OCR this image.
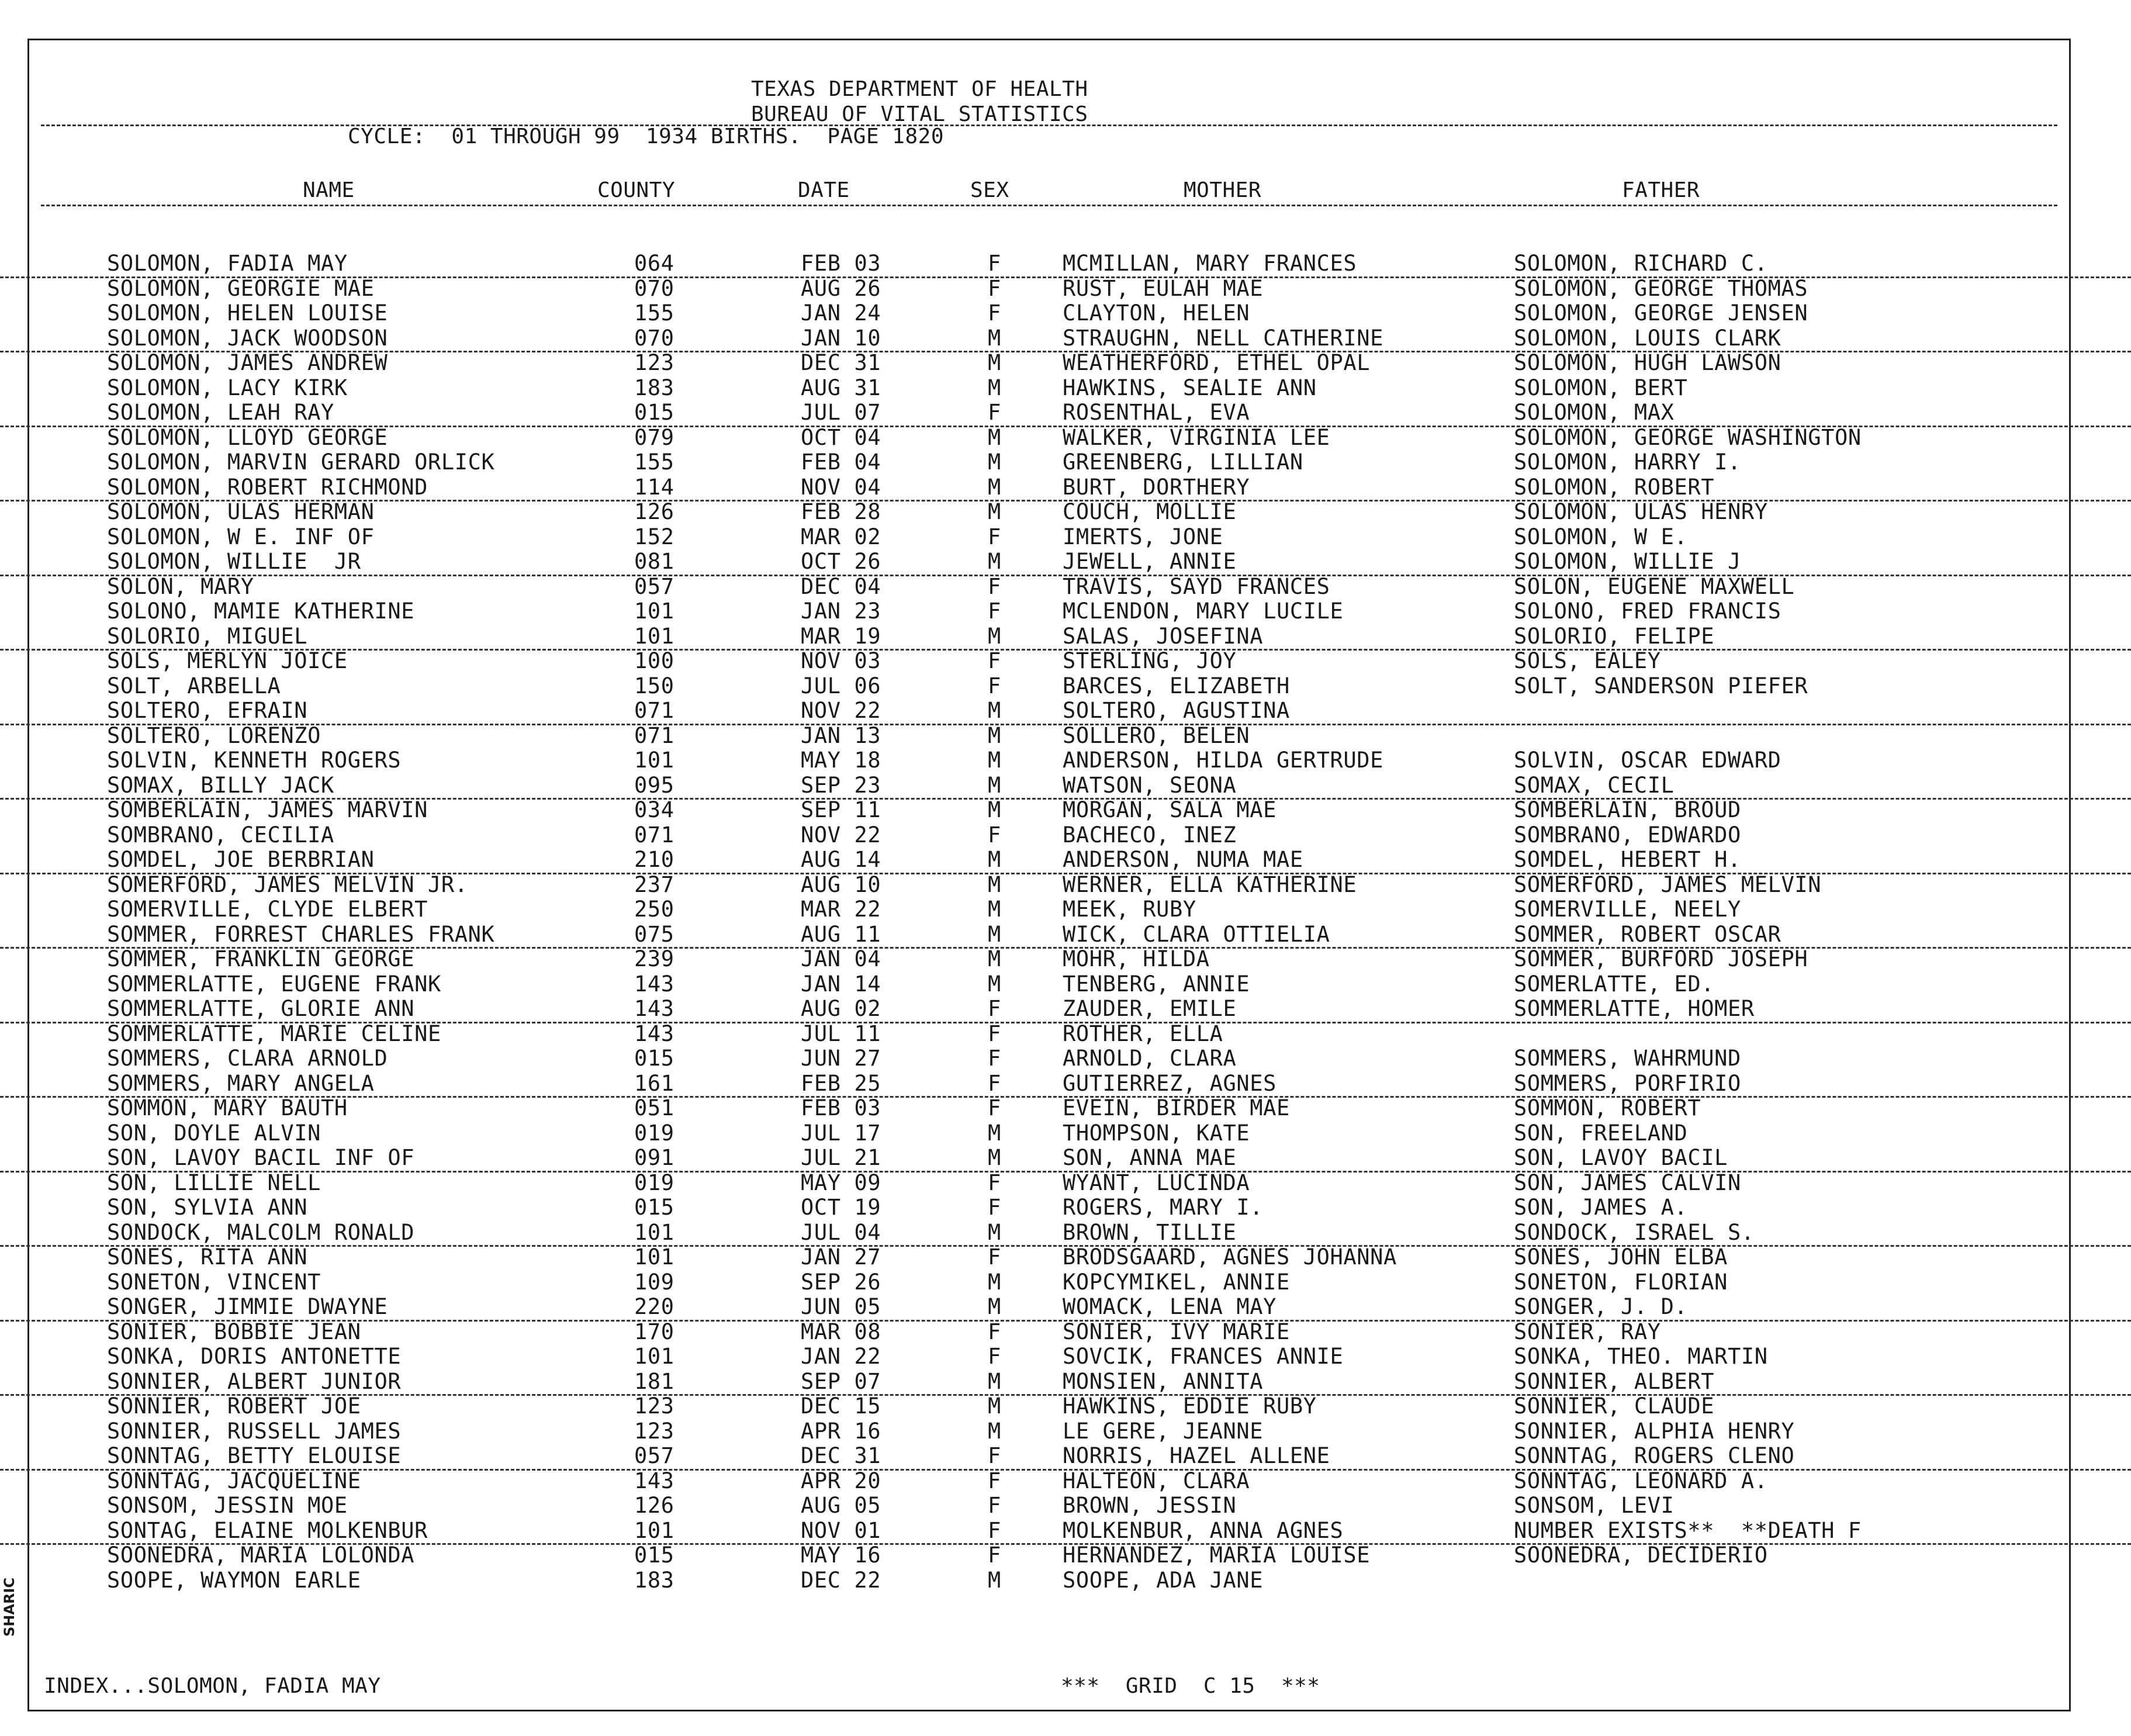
TEXAS DEPARTMENT OF HEALTH
BUREAU OF VITAL STATISTICS
CYCLE:  01 THROUGH 99  1934 BIRTHS.  PAGE 1820
NAME	COUNTY	DATE	SEX	MOTHER	FATHER
SOLOMON, FADIA MAY	064	FEB 03	F	MCMILLAN, MARY FRANCES	SOLOMON, RICHARD C.
SOLOMON, GEORGIE MAE	070	AUG 26	F	RUST, EULAH MAE	SOLOMON, GEORGE THOMAS
SOLOMON, HELEN LOUISE	155	JAN 24	F	CLAYTON, HELEN	SOLOMON, GEORGE JENSEN
SOLOMON, JACK WOODSON	070	JAN 10	M	STRAUGHN, NELL CATHERINE	SOLOMON, LOUIS CLARK
SOLOMON, JAMES ANDREW	123	DEC 31	M	WEATHERFORD, ETHEL OPAL	SOLOMON, HUGH LAWSON
SOLOMON, LACY KIRK	183	AUG 31	M	HAWKINS, SEALIE ANN	SOLOMON, BERT
SOLOMON, LEAH RAY	015	JUL 07	F	ROSENTHAL, EVA	SOLOMON, MAX
SOLOMON, LLOYD GEORGE	079	OCT 04	M	WALKER, VIRGINIA LEE	SOLOMON, GEORGE WASHINGTON
SOLOMON, MARVIN GERARD ORLICK	155	FEB 04	M	GREENBERG, LILLIAN	SOLOMON, HARRY I.
SOLOMON, ROBERT RICHMOND	114	NOV 04	M	BURT, DORTHERY	SOLOMON, ROBERT
SOLOMON, ULAS HERMAN	126	FEB 28	M	COUCH, MOLLIE	SOLOMON, ULAS HENRY
SOLOMON, W E. INF OF	152	MAR 02	F	IMERTS, JONE	SOLOMON, W E.
SOLOMON, WILLIE  JR	081	OCT 26	M	JEWELL, ANNIE	SOLOMON, WILLIE J
SOLON, MARY	057	DEC 04	F	TRAVIS, SAYD FRANCES	SOLON, EUGENE MAXWELL
SOLONO, MAMIE KATHERINE	101	JAN 23	F	MCLENDON, MARY LUCILE	SOLONO, FRED FRANCIS
SOLORIO, MIGUEL	101	MAR 19	M	SALAS, JOSEFINA	SOLORIO, FELIPE
SOLS, MERLYN JOICE	100	NOV 03	F	STERLING, JOY	SOLS, EALEY
SOLT, ARBELLA	150	JUL 06	F	BARCES, ELIZABETH	SOLT, SANDERSON PIEFER
SOLTERO, EFRAIN	071	NOV 22	M	SOLTERO, AGUSTINA
SOLTERO, LORENZO	071	JAN 13	M	SOLLERO, BELEN
SOLVIN, KENNETH ROGERS	101	MAY 18	M	ANDERSON, HILDA GERTRUDE	SOLVIN, OSCAR EDWARD
SOMAX, BILLY JACK	095	SEP 23	M	WATSON, SEONA	SOMAX, CECIL
SOMBERLAIN, JAMES MARVIN	034	SEP 11	M	MORGAN, SALA MAE	SOMBERLAIN, BROUD
SOMBRANO, CECILIA	071	NOV 22	F	BACHECO, INEZ	SOMBRANO, EDWARDO
SOMDEL, JOE BERBRIAN	210	AUG 14	M	ANDERSON, NUMA MAE	SOMDEL, HEBERT H.
SOMERFORD, JAMES MELVIN JR.	237	AUG 10	M	WERNER, ELLA KATHERINE	SOMERFORD, JAMES MELVIN
SOMERVILLE, CLYDE ELBERT	250	MAR 22	M	MEEK, RUBY	SOMERVILLE, NEELY
SOMMER, FORREST CHARLES FRANK	075	AUG 11	M	WICK, CLARA OTTIELIA	SOMMER, ROBERT OSCAR
SOMMER, FRANKLIN GEORGE	239	JAN 04	M	MOHR, HILDA	SOMMER, BURFORD JOSEPH
SOMMERLATTE, EUGENE FRANK	143	JAN 14	M	TENBERG, ANNIE	SOMERLATTE, ED.
SOMMERLATTE, GLORIE ANN	143	AUG 02	F	ZAUDER, EMILE	SOMMERLATTE, HOMER
SOMMERLATTE, MARIE CELINE	143	JUL 11	F	ROTHER, ELLA
SOMMERS, CLARA ARNOLD	015	JUN 27	F	ARNOLD, CLARA	SOMMERS, WAHRMUND
SOMMERS, MARY ANGELA	161	FEB 25	F	GUTIERREZ, AGNES	SOMMERS, PORFIRIO
SOMMON, MARY BAUTH	051	FEB 03	F	EVEIN, BIRDER MAE	SOMMON, ROBERT
SON, DOYLE ALVIN	019	JUL 17	M	THOMPSON, KATE	SON, FREELAND
SON, LAVOY BACIL INF OF	091	JUL 21	M	SON, ANNA MAE	SON, LAVOY BACIL
SON, LILLIE NELL	019	MAY 09	F	WYANT, LUCINDA	SON, JAMES CALVIN
SON, SYLVIA ANN	015	OCT 19	F	ROGERS, MARY I.	SON, JAMES A.
SONDOCK, MALCOLM RONALD	101	JUL 04	M	BROWN, TILLIE	SONDOCK, ISRAEL S.
SONES, RITA ANN	101	JAN 27	F	BRODSGAARD, AGNES JOHANNA	SONES, JOHN ELBA
SONETON, VINCENT	109	SEP 26	M	KOPCYMIKEL, ANNIE	SONETON, FLORIAN
SONGER, JIMMIE DWAYNE	220	JUN 05	M	WOMACK, LENA MAY	SONGER, J. D.
SONIER, BOBBIE JEAN	170	MAR 08	F	SONIER, IVY MARIE	SONIER, RAY
SONKA, DORIS ANTONETTE	101	JAN 22	F	SOVCIK, FRANCES ANNIE	SONKA, THEO. MARTIN
SONNIER, ALBERT JUNIOR	181	SEP 07	M	MONSIEN, ANNITA	SONNIER, ALBERT
SONNIER, ROBERT JOE	123	DEC 15	M	HAWKINS, EDDIE RUBY	SONNIER, CLAUDE
SONNIER, RUSSELL JAMES	123	APR 16	M	LE GERE, JEANNE	SONNIER, ALPHIA HENRY
SONNTAG, BETTY ELOUISE	057	DEC 31	F	NORRIS, HAZEL ALLENE	SONNTAG, ROGERS CLENO
SONNTAG, JACQUELINE	143	APR 20	F	HALTEON, CLARA	SONNTAG, LEONARD A.
SONSOM, JESSIN MOE	126	AUG 05	F	BROWN, JESSIN	SONSOM, LEVI
SONTAG, ELAINE MOLKENBUR	101	NOV 01	F	MOLKENBUR, ANNA AGNES	NUMBER EXISTS**  **DEATH F
SOONEDRA, MARIA LOLONDA	015	MAY 16	F	HERNANDEZ, MARIA LOUISE	SOONEDRA, DECIDERIO
SOOPE, WAYMON EARLE	183	DEC 22	M	SOOPE, ADA JANE
INDEX...SOLOMON, FADIA MAY	***  GRID  C 15  ***
SHARIC
